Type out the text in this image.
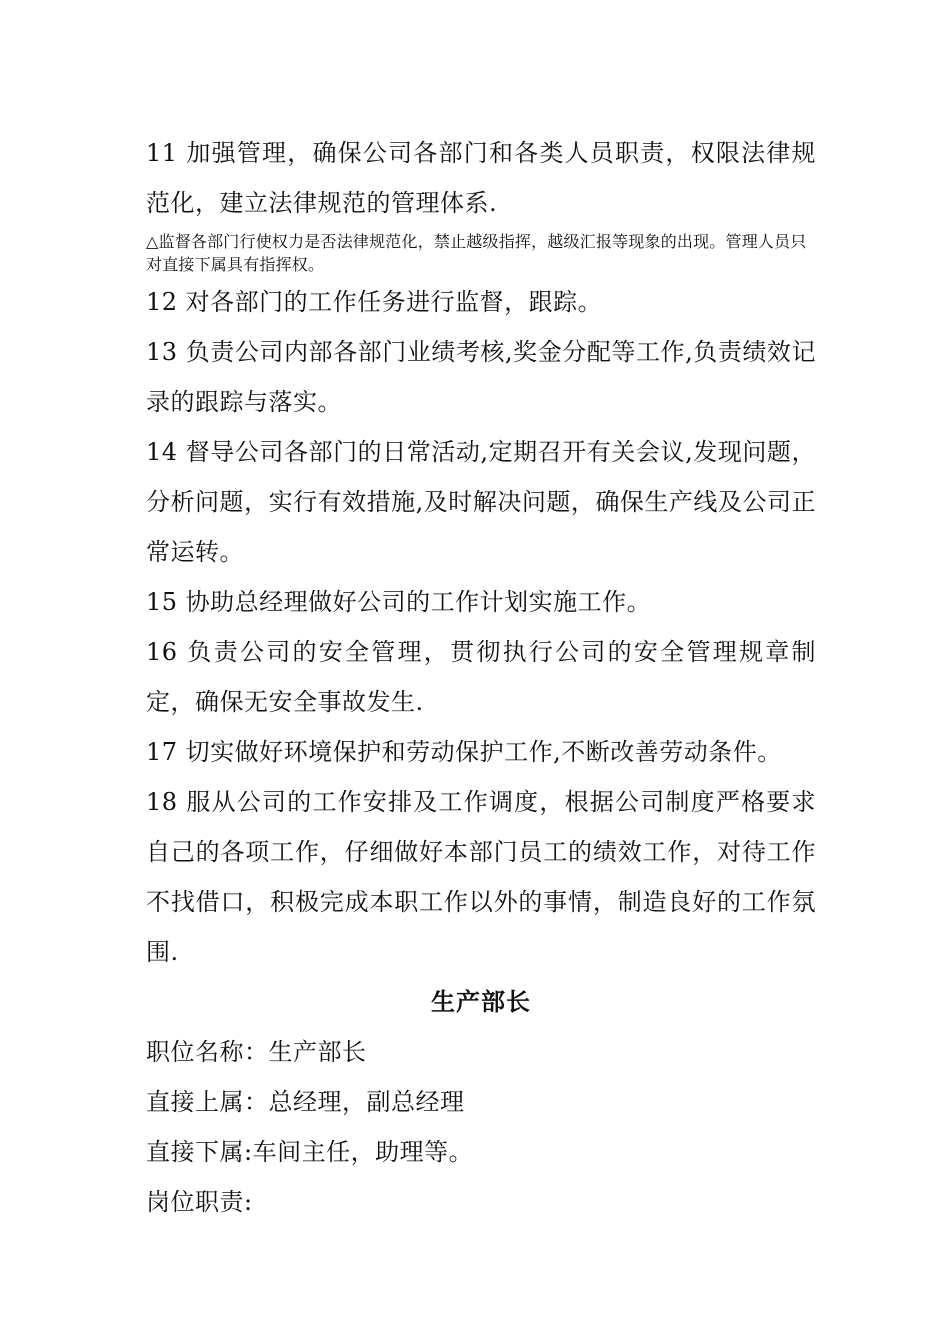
11 加强管理，确保公司各部门和各类人员职责，权限法律规范化，建立法律规范的管理体系.

△监督各部门行使权力是否法律规范化，禁止越级指挥，越级汇报等现象的出现。管理人员只对直接下属具有指挥权。

12 对各部门的工作任务进行监督，跟踪。

13 负责公司内部各部门业绩考核,奖金分配等工作,负责绩效记录的跟踪与落实。

14 督导公司各部门的日常活动,定期召开有关会议,发现问题，分析问题，实行有效措施,及时解决问题，确保生产线及公司正常运转。

15 协助总经理做好公司的工作计划实施工作。

16 负责公司的安全管理，贯彻执行公司的安全管理规章制定，确保无安全事故发生.

17 切实做好环境保护和劳动保护工作,不断改善劳动条件。

18 服从公司的工作安排及工作调度，根据公司制度严格要求自己的各项工作，仔细做好本部门员工的绩效工作，对待工作不找借口，积极完成本职工作以外的事情，制造良好的工作氛围.

生产部长

职位名称：生产部长

直接上属：总经理，副总经理

直接下属:车间主任，助理等。

岗位职责:
